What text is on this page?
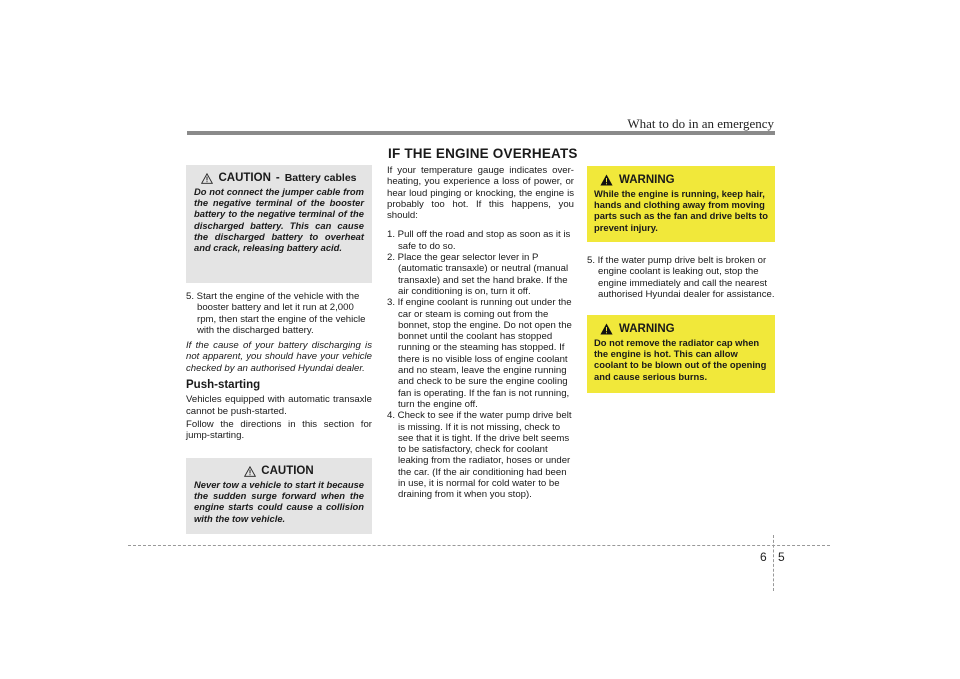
What to do in an emergency
CAUTION - Battery cables

Do not connect the jumper cable from the negative terminal of the booster battery to the negative terminal of the discharged battery. This can cause the discharged battery to overheat and crack, releasing battery acid.

5. Start the engine of the vehicle with the booster battery and let it run at 2,000 rpm, then start the engine of the vehicle with the discharged battery.

If the cause of your battery discharging is not apparent, you should have your vehicle checked by an authorised Hyundai dealer.

Push-starting

Vehicles equipped with automatic transaxle cannot be push-started.

Follow the directions in this section for jump-starting.

CAUTION

Never tow a vehicle to start it because the sudden surge forward when the engine starts could cause a collision with the tow vehicle.

IF THE ENGINE OVERHEATS

If your temperature gauge indicates over-heating, you experience a loss of power, or hear loud pinging or knocking, the engine is probably too hot. If this happens, you should:

1. Pull off the road and stop as soon as it is safe to do so.

2. Place the gear selector lever in P (automatic transaxle) or neutral (manual transaxle) and set the hand brake. If the air conditioning is on, turn it off.

3. If engine coolant is running out under the car or steam is coming out from the bonnet, stop the engine. Do not open the bonnet until the coolant has stopped running or the steaming has stopped. If there is no visible loss of engine coolant and no steam, leave the engine running and check to be sure the engine cooling fan is operating. If the fan is not running, turn the engine off.

4. Check to see if the water pump drive belt is missing. If it is not missing, check to see that it is tight. If the drive belt seems to be satisfactory, check for coolant leaking from the radiator, hoses or under the car. (If the air conditioning had been in use, it is normal for cold water to be draining from it when you stop).

WARNING

While the engine is running, keep hair, hands and clothing away from moving parts such as the fan and drive belts to prevent injury.

5. If the water pump drive belt is broken or engine coolant is leaking out, stop the engine immediately and call the nearest authorised Hyundai dealer for assistance.

WARNING

Do not remove the radiator cap when the engine is hot. This can allow coolant to be blown out of the opening and cause serious burns.

6 5
